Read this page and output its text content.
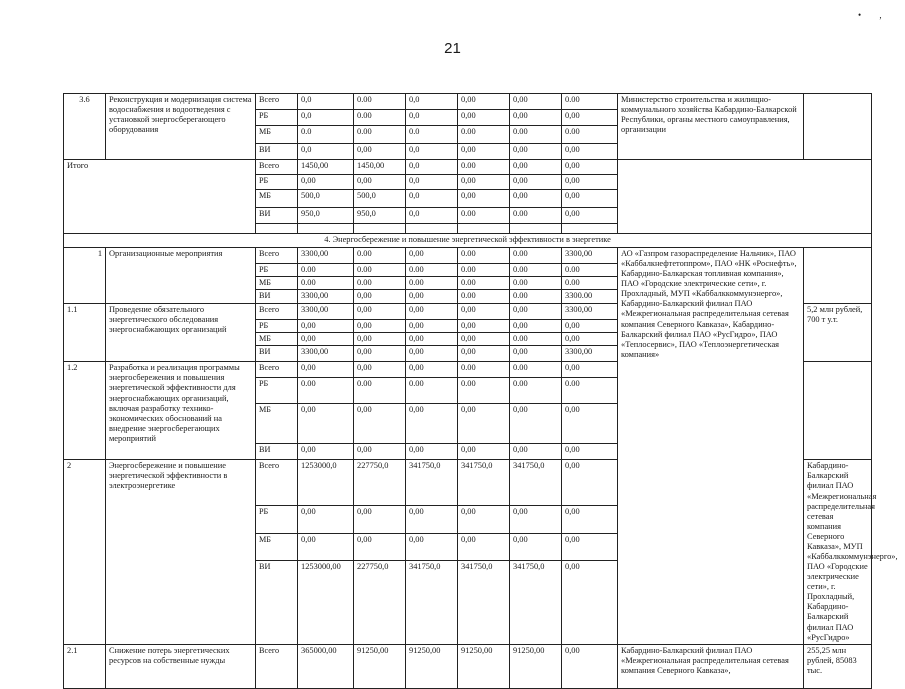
21
• ,
3.6	Реконструкция и модернизация система водоснабжения и водоотведения с установкой энергосберегающего оборудования	Всего	0,0	0.00	0,0	0,00	0,00	0.00	Министерство строительства и жилищно-коммунального хозяйства Кабардино-Балкарской Республики, органы местного самоуправления, организации		
		РБ	0,0	0.00	0,0	0,00	0,00	0,00			
		МБ	0.0	0.00	0.0	0.00	0.00	0.00			
		ВИ	0,0	0,00	0,0	0,00	0,00	0,00			
Итого		Всего	1450,00	1450,00	0,0	0.00	0,00	0,00			
		РБ	0,00	0,00	0,0	0,00	0,00	0,00			
		МБ	500,0	500,0	0,0	0,00	0,00	0,00			
		ВИ	950,0	950,0	0,0	0.00	0.00	0,00			

4. Энергосбережение и повышение энергетической эффективности в энергетике											
1	Организационные мероприятия	Всего	3300,00	0.00	0,00	0.00	0.00	3300,00	АО «Газпром газораспределение Нальчик», ПАО «Каббалкнефтетоппром», ПАО «НК «Роснефть», Кабардино-Балкарская топливная компания», ПАО «Городские электрические сети», г. Прохладный, МУП «Каббалккоммунэнерго», Кабардино-Балкарский филиал ПАО «Межрегиональная распределительная сетевая компания Северного Кавказа», Кабардино-Балкарский филиал ПАО «РусГидро», ПАО «Теплосервис», ПАО «Теплоэнергетическая компания»		
		РБ	0.00	0.00	0.00	0.00	0.00	0.00			
		МБ	0.00	0.00	0.00	0.00	0.00	0.00			
		ВИ	3300,00	0,00	0,00	0.00	0.00	3300.00			
1.1	Проведение обязательного энергетического обследования энергоснабжающих организаций	Всего	3300,00	0,00	0,00	0,00	0,00	3300,00		5,2 млн рублей, 700 т у.т.	
		РБ	0,00	0,00	0,00	0,00	0,00	0,00			
		МБ	0,00	0,00	0,00	0,00	0.00	0,00			
		ВИ	3300,00	0,00	0,00	0,00	0,00	3300,00			
1.2	Разработка и реализация программы энергосбережения и повышения энергетической эффективности для энергоснабжающих организаций, включая разработку технико-экономических обоснований на внедрение энергосберегающих мероприятий	Всего	0,00	0,00	0,00	0.00	0.00	0,00			
		РБ	0.00	0.00	0.00	0.00	0.00	0.00			
		МБ	0,00	0,00	0,00	0,00	0,00	0,00			
		ВИ	0,00	0,00	0,00	0,00	0,00	0,00			
2	Энергосбережение и повышение энергетической эффективности в электроэнергетике	Всего	1253000,0	227750,0	341750,0	341750,0	341750,0	0,00		Кабардино-Балкарский филиал ПАО «Межрегиональная распределительная сетевая компания Северного Кавказа», МУП «Каббалккоммунэнерго», ПАО «Городские электрические сети», г. Прохладный, Кабардино-Балкарский филиал ПАО «РусГидро»	
		РБ	0,00	0,00	0,00	0,00	0,00	0,00			
		МБ	0,00	0,00	0,00	0,00	0,00	0,00			
		ВИ	1253000,00	227750,0	341750,0	341750,0	341750,0	0,00			
2.1	Снижение потерь энергетических ресурсов на собственные нужды	Всего	365000,00	91250,00	91250,00	91250,00	91250,00	0,00	Кабардино-Балкарский филиал ПАО «Межрегиональная распределительная сетевая компания Северного Кавказа»,	255,25 млн рублей, 85083 тыс.	
